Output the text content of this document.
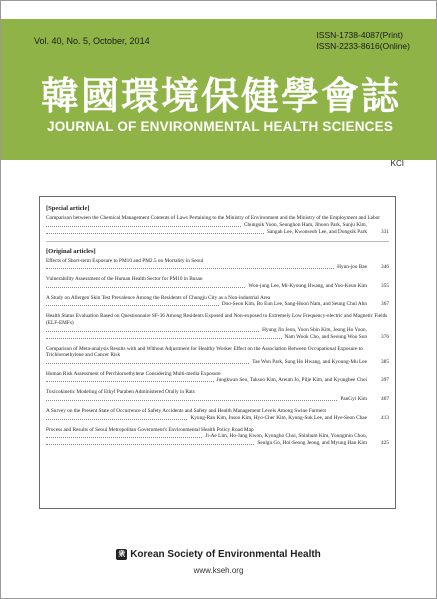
Vol. 40, No. 5, October, 2014
ISSN-1738-4087(Print)
ISSN-2233-8616(Online)
韓國環境保健學會誌
JOURNAL OF ENVIRONMENTAL HEALTH SCIENCES
KCI
[Special article]
Comparison between the Chemical Management Contents of Laws Pertaining to the Ministry of Environment and the Ministry of the Employment and Labor
Chungsik Yoon, Seunghon Ham, Jihoon Park, Sunju Kim,
Sangah Lee, Kwonseob Lee, and Dongsik Park	331
[Original articles]
Effects of Short-term Exposure to PM10 and PM2.5 on Mortality in Seoul
Hyun-joo Bae	346
Vulnerability Assessment of the Human Health Sector for PM10 in Busan
Won-jung Lee, Mi-Kyoung Hwang, and Yoo-Keun Kim	355
A Study on Allergen Skin Test Prevalence Among the Residents of Chungju City as a Non-industrial Area
Doo-Seon Kim, Bo Eun Lee, Sang-Hoon Nam, and Seung Chul Ahn	367
Health Status Evaluation Based on Questionnaire SF-36 Among Residents Exposed and Non-exposed to Extremely Low Frequency-electric and Magnetic Fields (ELF-EMFs)
Hyung Jin Jeon, Yoon Shin Kim, Jeong Ho Yoon,
Nam Wook Cho, and Seoung Woo Son	376
Comparison of Meta-analysis Results with and Without Adjustment for Healthy Worker Effect on the Association Between Occupational Exposure to Trichloroethylene and Cancer Risk
Tae Won Park, Sung Ho Hwang, and Kyoung-Mu Lee	385
Human Risk Assessment of Perchloroethylene Considering Multi-media Exposure
Jungkwan Seo, Taksoo Kim, Areum Jo, Pilje Kim, and Kyunghee Choi	397
Toxicokinetic Modeling of Ethyl Paraben Administered Orally in Rats
PanGyi Kim	407
A Survey on the Present State of Occurrence of Safety Accidents and Safety and Health Management Levels Among Swine Farmers
Kyung-Ran Kim, Insoo Kim, Hyo-Cher Kim, Kyung-Suk Lee, and Hye-Seon Chae	413
Process and Results of Seoul Metropolitan Government's Environmental Health Policy Road Map
Ji-Ae Lim, Ho-Jang Kwon, Kyungho Choi, Shinhum Kim, Youngmin Chou,
Seulgu Go, Hoi-Seong Jeong, and Myung Han Kim	425
衆 Korean Society of Environmental Health
www.kseh.org
